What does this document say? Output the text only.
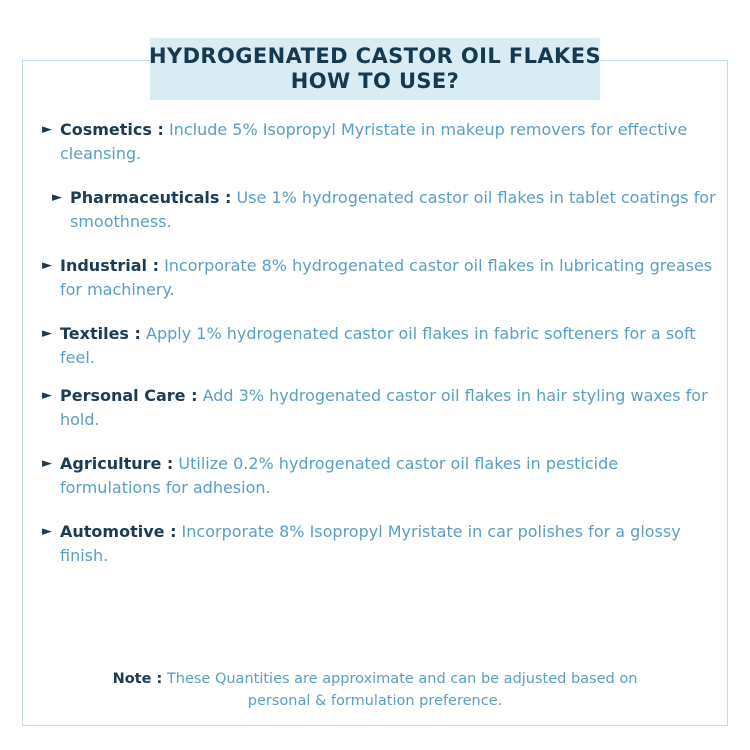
HYDROGENATED CASTOR OIL FLAKES
HOW TO USE?
► Cosmetics : Include 5% Isopropyl Myristate in makeup removers for effective cleansing.
► Pharmaceuticals : Use 1% hydrogenated castor oil flakes in tablet coatings for smoothness.
► Industrial : Incorporate 8% hydrogenated castor oil flakes in lubricating greases for machinery.
► Textiles : Apply 1% hydrogenated castor oil flakes in fabric softeners for a soft feel.
► Personal Care : Add 3% hydrogenated castor oil flakes in hair styling waxes for hold.
► Agriculture : Utilize 0.2% hydrogenated castor oil flakes in pesticide formulations for adhesion.
► Automotive : Incorporate 8% Isopropyl Myristate in car polishes for a glossy finish.
Note : These Quantities are approximate and can be adjusted based on personal & formulation preference.
